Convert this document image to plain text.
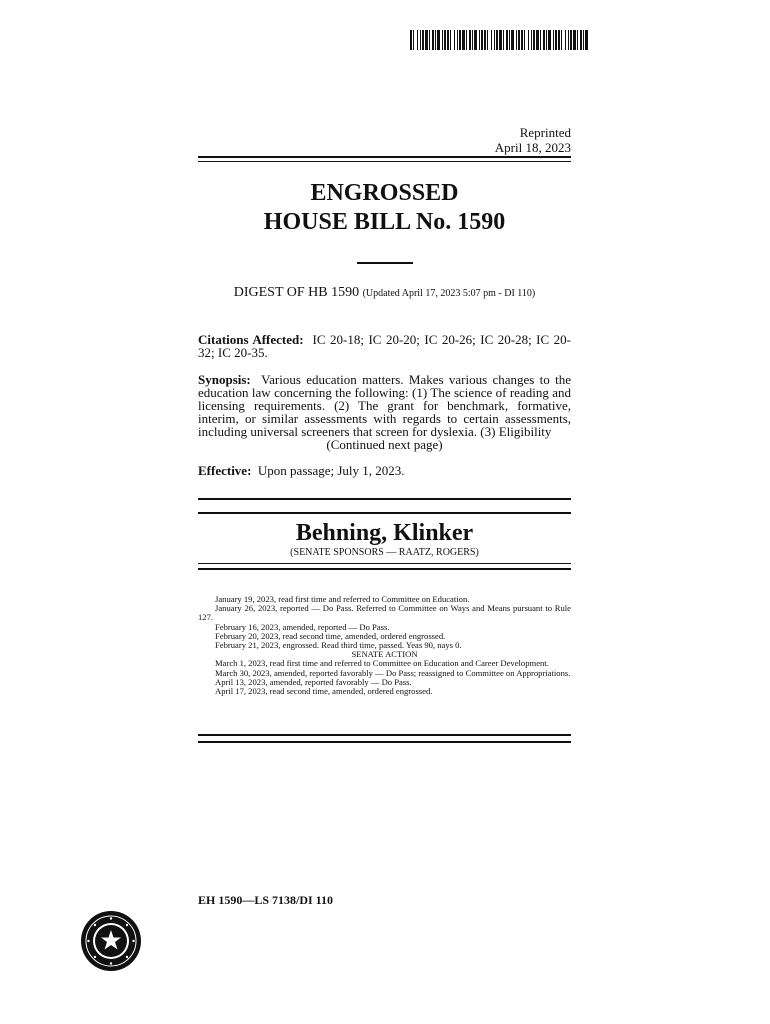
Reprinted
April 18, 2023
ENGROSSED
HOUSE BILL No. 1590
DIGEST OF HB 1590 (Updated April 17, 2023 5:07 pm - DI 110)
Citations Affected: IC 20-18; IC 20-20; IC 20-26; IC 20-28; IC 20-32; IC 20-35.
Synopsis: Various education matters. Makes various changes to the education law concerning the following: (1) The science of reading and licensing requirements. (2) The grant for benchmark, formative, interim, or similar assessments with regards to certain assessments, including universal screeners that screen for dyslexia. (3) Eligibility
(Continued next page)
Effective: Upon passage; July 1, 2023.
Behning, Klinker
(SENATE SPONSORS — RAATZ, ROGERS)
January 19, 2023, read first time and referred to Committee on Education.
January 26, 2023, reported — Do Pass. Referred to Committee on Ways and Means pursuant to Rule 127.
February 16, 2023, amended, reported — Do Pass.
February 20, 2023, read second time, amended, ordered engrossed.
February 21, 2023, engrossed. Read third time, passed. Yeas 90, nays 0.
SENATE ACTION
March 1, 2023, read first time and referred to Committee on Education and Career Development.
March 30, 2023, amended, reported favorably — Do Pass; reassigned to Committee on Appropriations.
April 13, 2023, amended, reported favorably — Do Pass.
April 17, 2023, read second time, amended, ordered engrossed.
EH 1590—LS 7138/DI 110
